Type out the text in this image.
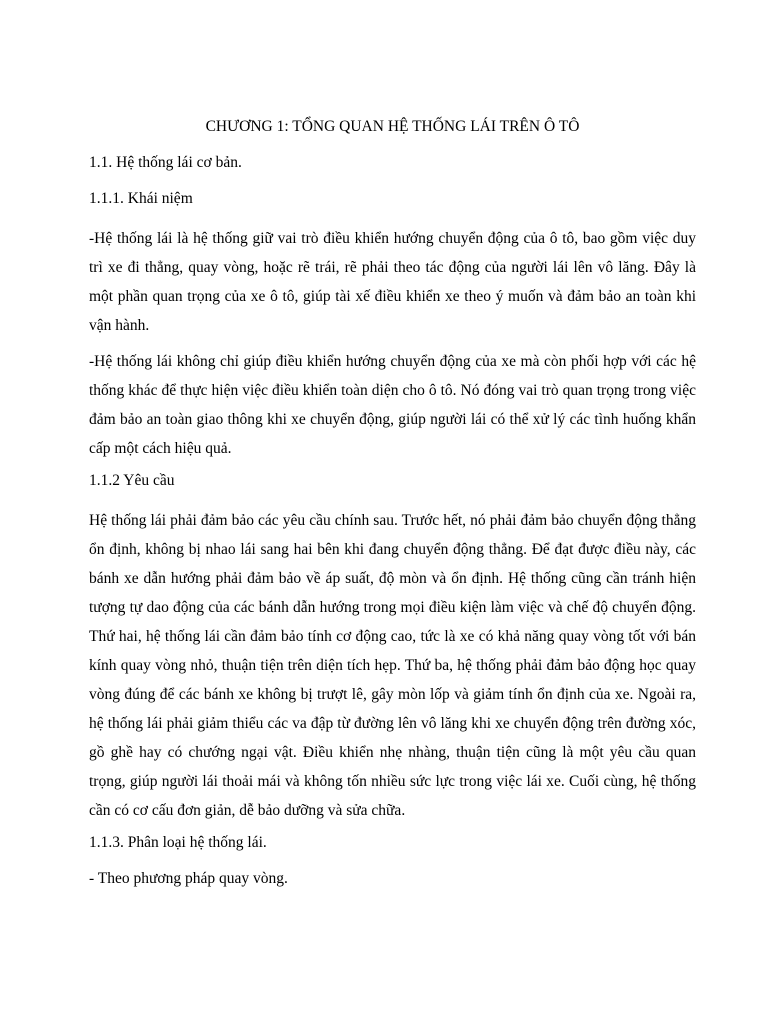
CHƯƠNG 1: TỔNG QUAN HỆ THỐNG LÁI TRÊN Ô TÔ

1.1. Hệ thống lái cơ bản.

1.1.1. Khái niệm

-Hệ thống lái là hệ thống giữ vai trò điều khiển hướng chuyển động của ô tô, bao gồm việc duy trì xe đi thẳng, quay vòng, hoặc rẽ trái, rẽ phải theo tác động của người lái lên vô lăng. Đây là một phần quan trọng của xe ô tô, giúp tài xế điều khiển xe theo ý muốn và đảm bảo an toàn khi vận hành.

-Hệ thống lái không chỉ giúp điều khiển hướng chuyển động của xe mà còn phối hợp với các hệ thống khác để thực hiện việc điều khiển toàn diện cho ô tô. Nó đóng vai trò quan trọng trong việc đảm bảo an toàn giao thông khi xe chuyển động, giúp người lái có thể xử lý các tình huống khẩn cấp một cách hiệu quả.

1.1.2 Yêu cầu

Hệ thống lái phải đảm bảo các yêu cầu chính sau. Trước hết, nó phải đảm bảo chuyển động thẳng ổn định, không bị nhao lái sang hai bên khi đang chuyển động thẳng. Để đạt được điều này, các bánh xe dẫn hướng phải đảm bảo về áp suất, độ mòn và ổn định. Hệ thống cũng cần tránh hiện tượng tự dao động của các bánh dẫn hướng trong mọi điều kiện làm việc và chế độ chuyển động. Thứ hai, hệ thống lái cần đảm bảo tính cơ động cao, tức là xe có khả năng quay vòng tốt với bán kính quay vòng nhỏ, thuận tiện trên diện tích hẹp. Thứ ba, hệ thống phải đảm bảo động học quay vòng đúng để các bánh xe không bị trượt lê, gây mòn lốp và giảm tính ổn định của xe. Ngoài ra, hệ thống lái phải giảm thiểu các va đập từ đường lên vô lăng khi xe chuyển động trên đường xóc, gồ ghề hay có chướng ngại vật. Điều khiển nhẹ nhàng, thuận tiện cũng là một yêu cầu quan trọng, giúp người lái thoải mái và không tốn nhiều sức lực trong việc lái xe. Cuối cùng, hệ thống cần có cơ cấu đơn giản, dễ bảo dưỡng và sửa chữa.

1.1.3. Phân loại hệ thống lái.

- Theo phương pháp quay vòng.
